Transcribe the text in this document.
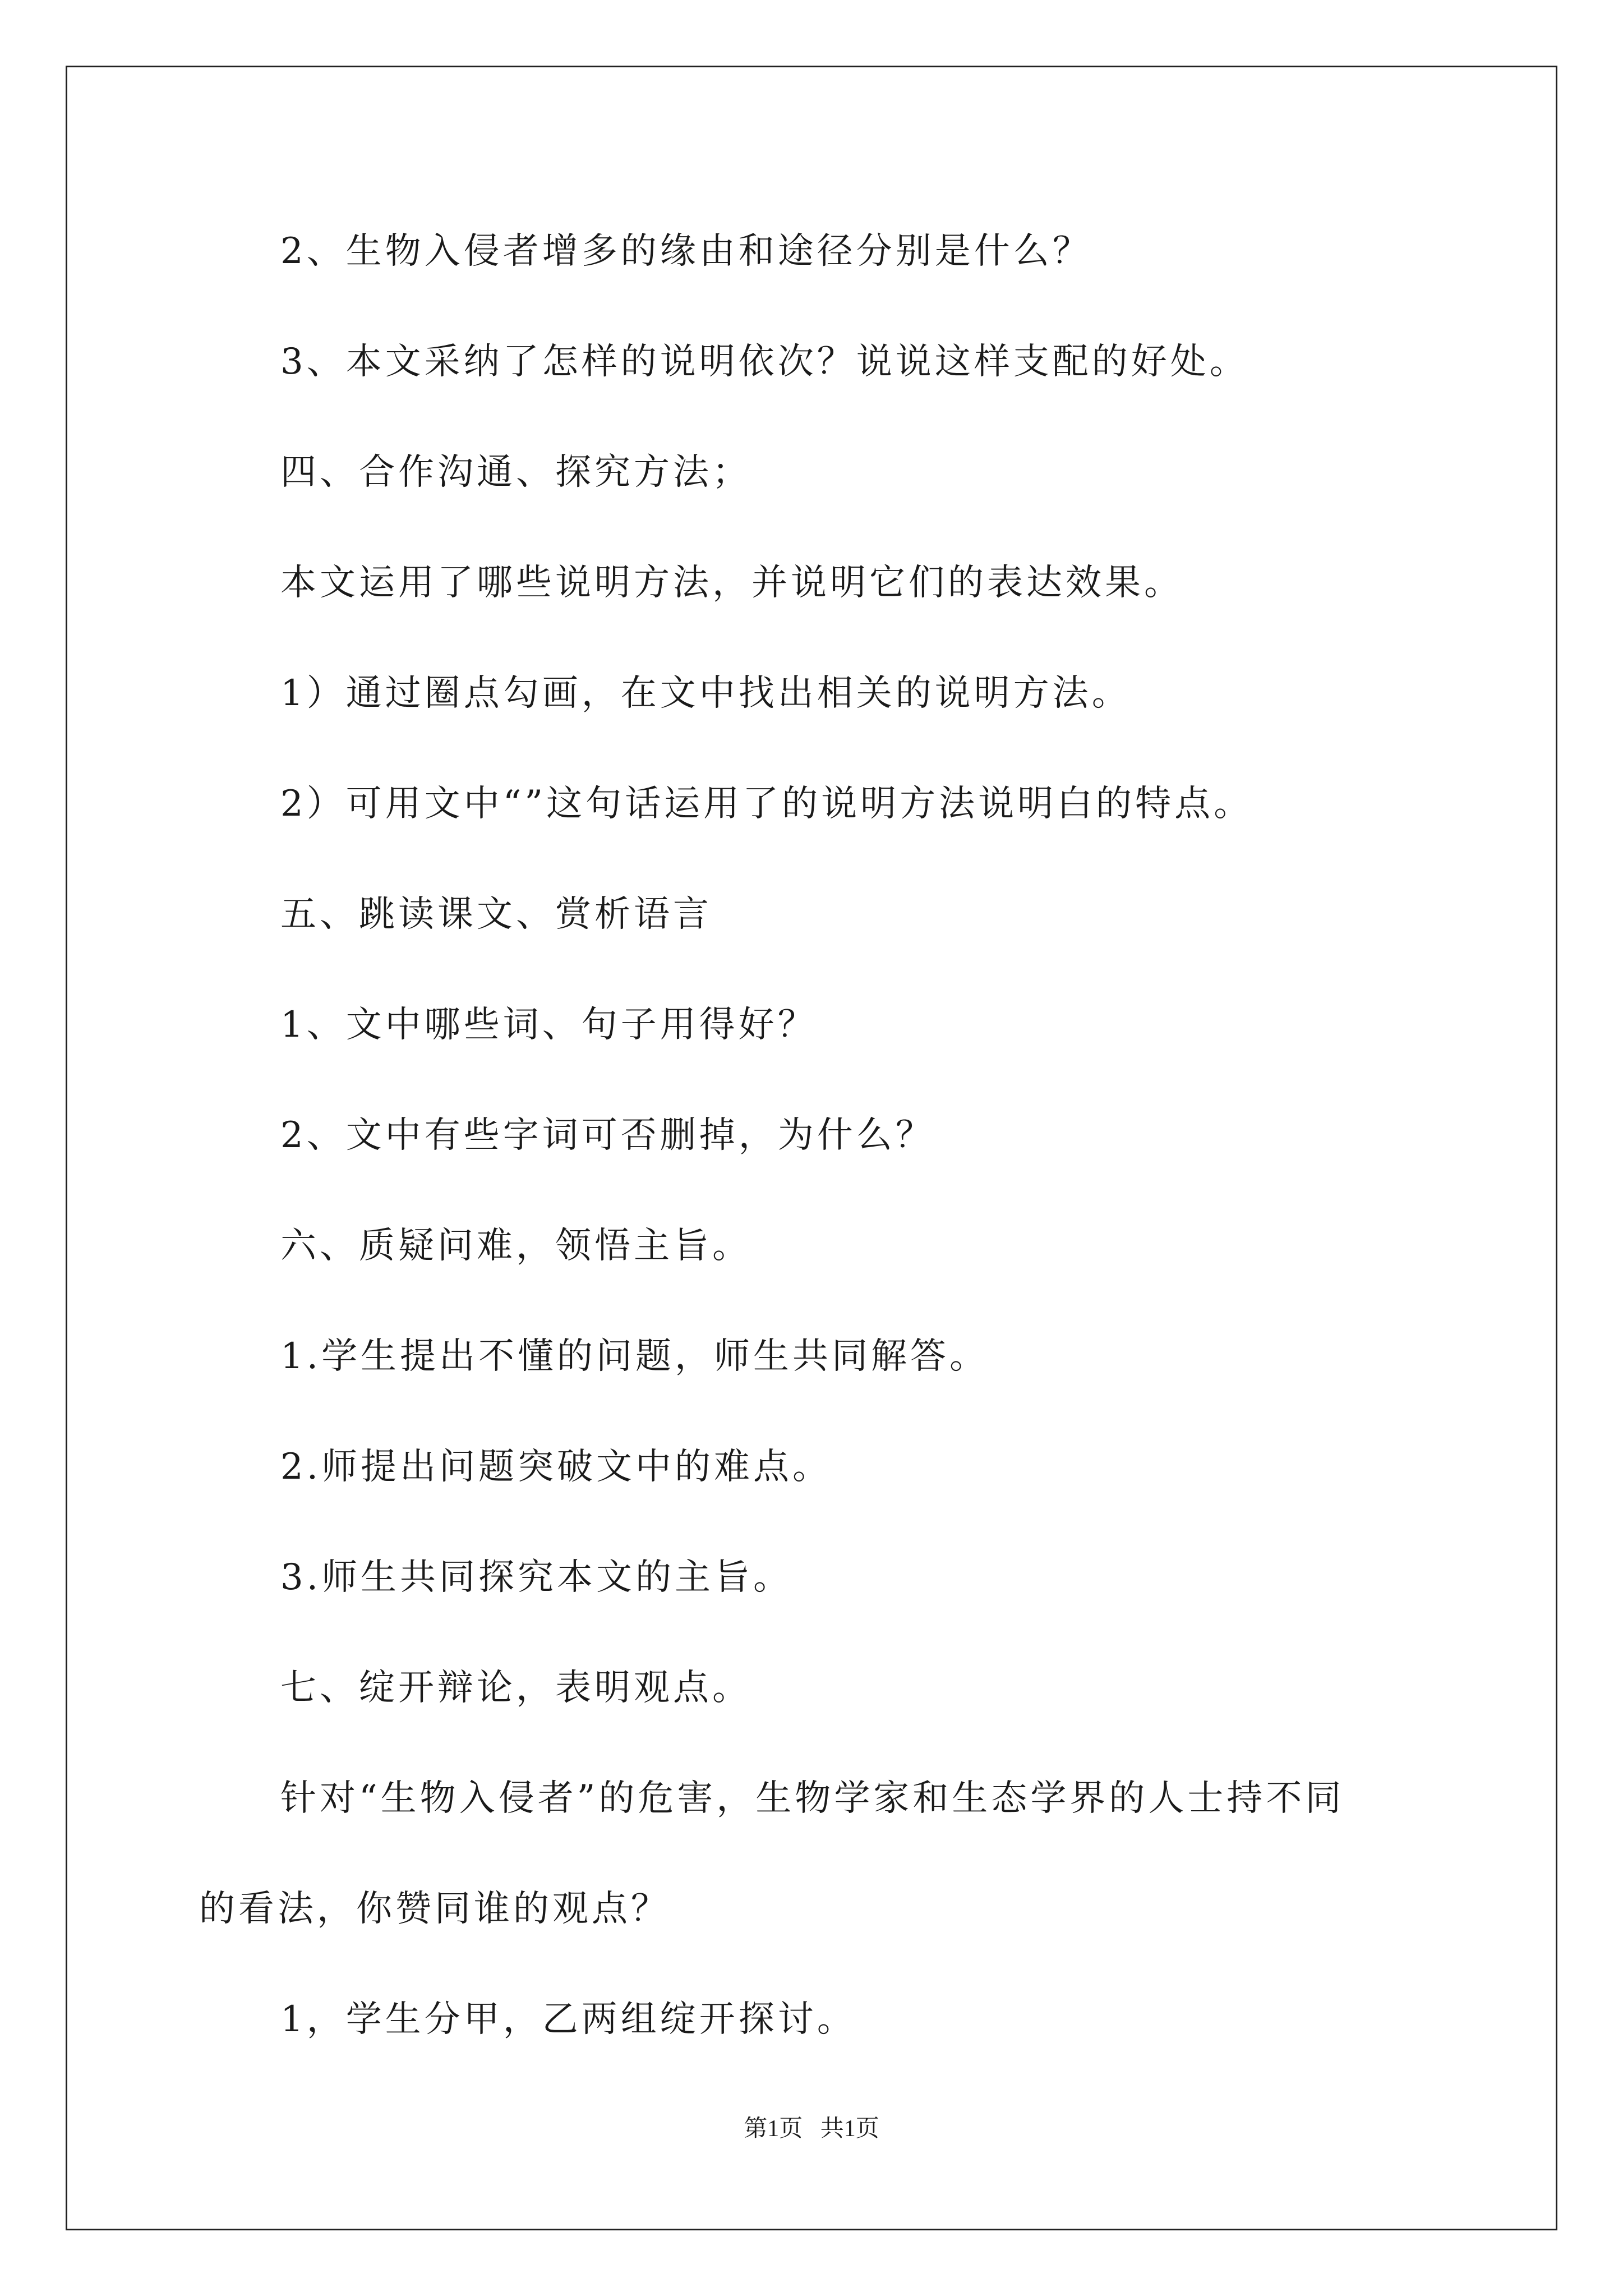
2、生物入侵者增多的缘由和途径分别是什么？
3、本文采纳了怎样的说明依次？说说这样支配的好处。
四、合作沟通、探究方法；
本文运用了哪些说明方法，并说明它们的表达效果。
1）通过圈点勾画，在文中找出相关的说明方法。
2）可用文中“”这句话运用了的说明方法说明白的特点。
五、跳读课文、赏析语言
1、文中哪些词、句子用得好？
2、文中有些字词可否删掉，为什么？
六、质疑问难，领悟主旨。
1.学生提出不懂的问题，师生共同解答。
2.师提出问题突破文中的难点。
3.师生共同探究本文的主旨。
七、绽开辩论，表明观点。
针对“生物入侵者”的危害，生物学家和生态学界的人士持不同
的看法，你赞同谁的观点？
1，学生分甲，乙两组绽开探讨。
第1页   共1页
